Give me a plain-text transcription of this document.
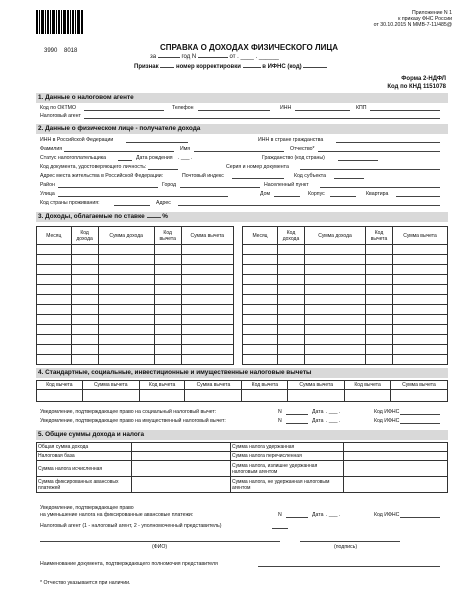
3990 8018
Приложение N 1
к приказу ФНС России
от 30.10.2015 N ММВ-7-11/485@
СПРАВКА О ДОХОДАХ ФИЗИЧЕСКОГО ЛИЦА
за	год N	от . ____ . ______
Признак	номер корректировки	в ИФНС (код)
Форма 2-НДФЛ
Код по КНД 1151078
1. Данные о налоговом агенте
Код по ОКТМО	Телефон	ИНН	КПП
Налоговый агент
2. Данные о физическом лице - получателе дохода
ИНН в Российской Федерации	ИНН в стране гражданства
Фамилия	Имя	Отчество*
Статус налогоплательщика	Дата рождения . ___ .	Гражданство (код страны)
Код документа, удостоверяющего личность:	Серия и номер документа
Адрес места жительства в Российской Федерации:	Почтовый индекс	Код субъекта
Район	Город	Населенный пункт
Улица	Дом	Корпус	Квартира
Код страны проживания:	Адрес
3. Доходы, облагаемые по ставке	%
Месяц	Код дохода	Сумма дохода	Код вычета	Сумма вычета

					Месяц	Код дохода	Сумма дохода	Код вычета	Сумма вычета

4. Стандартные, социальные, инвестиционные и имущественные налоговые вычеты
Код вычета	Сумма вычета	Код вычета	Сумма вычета	Код вычета	Сумма вычета	Код вычета	Сумма вычета

Уведомление, подтверждающее право на социальный налоговый вычет:	N	Дата . ___ .	Код ИФНС
Уведомление, подтверждающее право на имущественный налоговый вычет:	N	Дата . ___ .	Код ИФНС
5. Общие суммы дохода и налога
Общая сумма дохода		Сумма налога удержанная	
Налоговая база		Сумма налога перечисленная	
Сумма налога исчисленная		Сумма налога, излишне удержанная налоговым агентом	
Сумма фиксированных авансовых платежей		Сумма налога, не удержанная налоговым агентом	
Уведомление, подтверждающее право
на уменьшение налога на фиксированные авансовые платежи:	N	Дата . ___ .	Код ИФНС
Налоговый агент (1 - налоговый агент, 2 - уполномоченный представитель)
(ФИО)	(подпись)
Наименование документа, подтверждающего полномочия представителя
* Отчество указывается при наличии.
